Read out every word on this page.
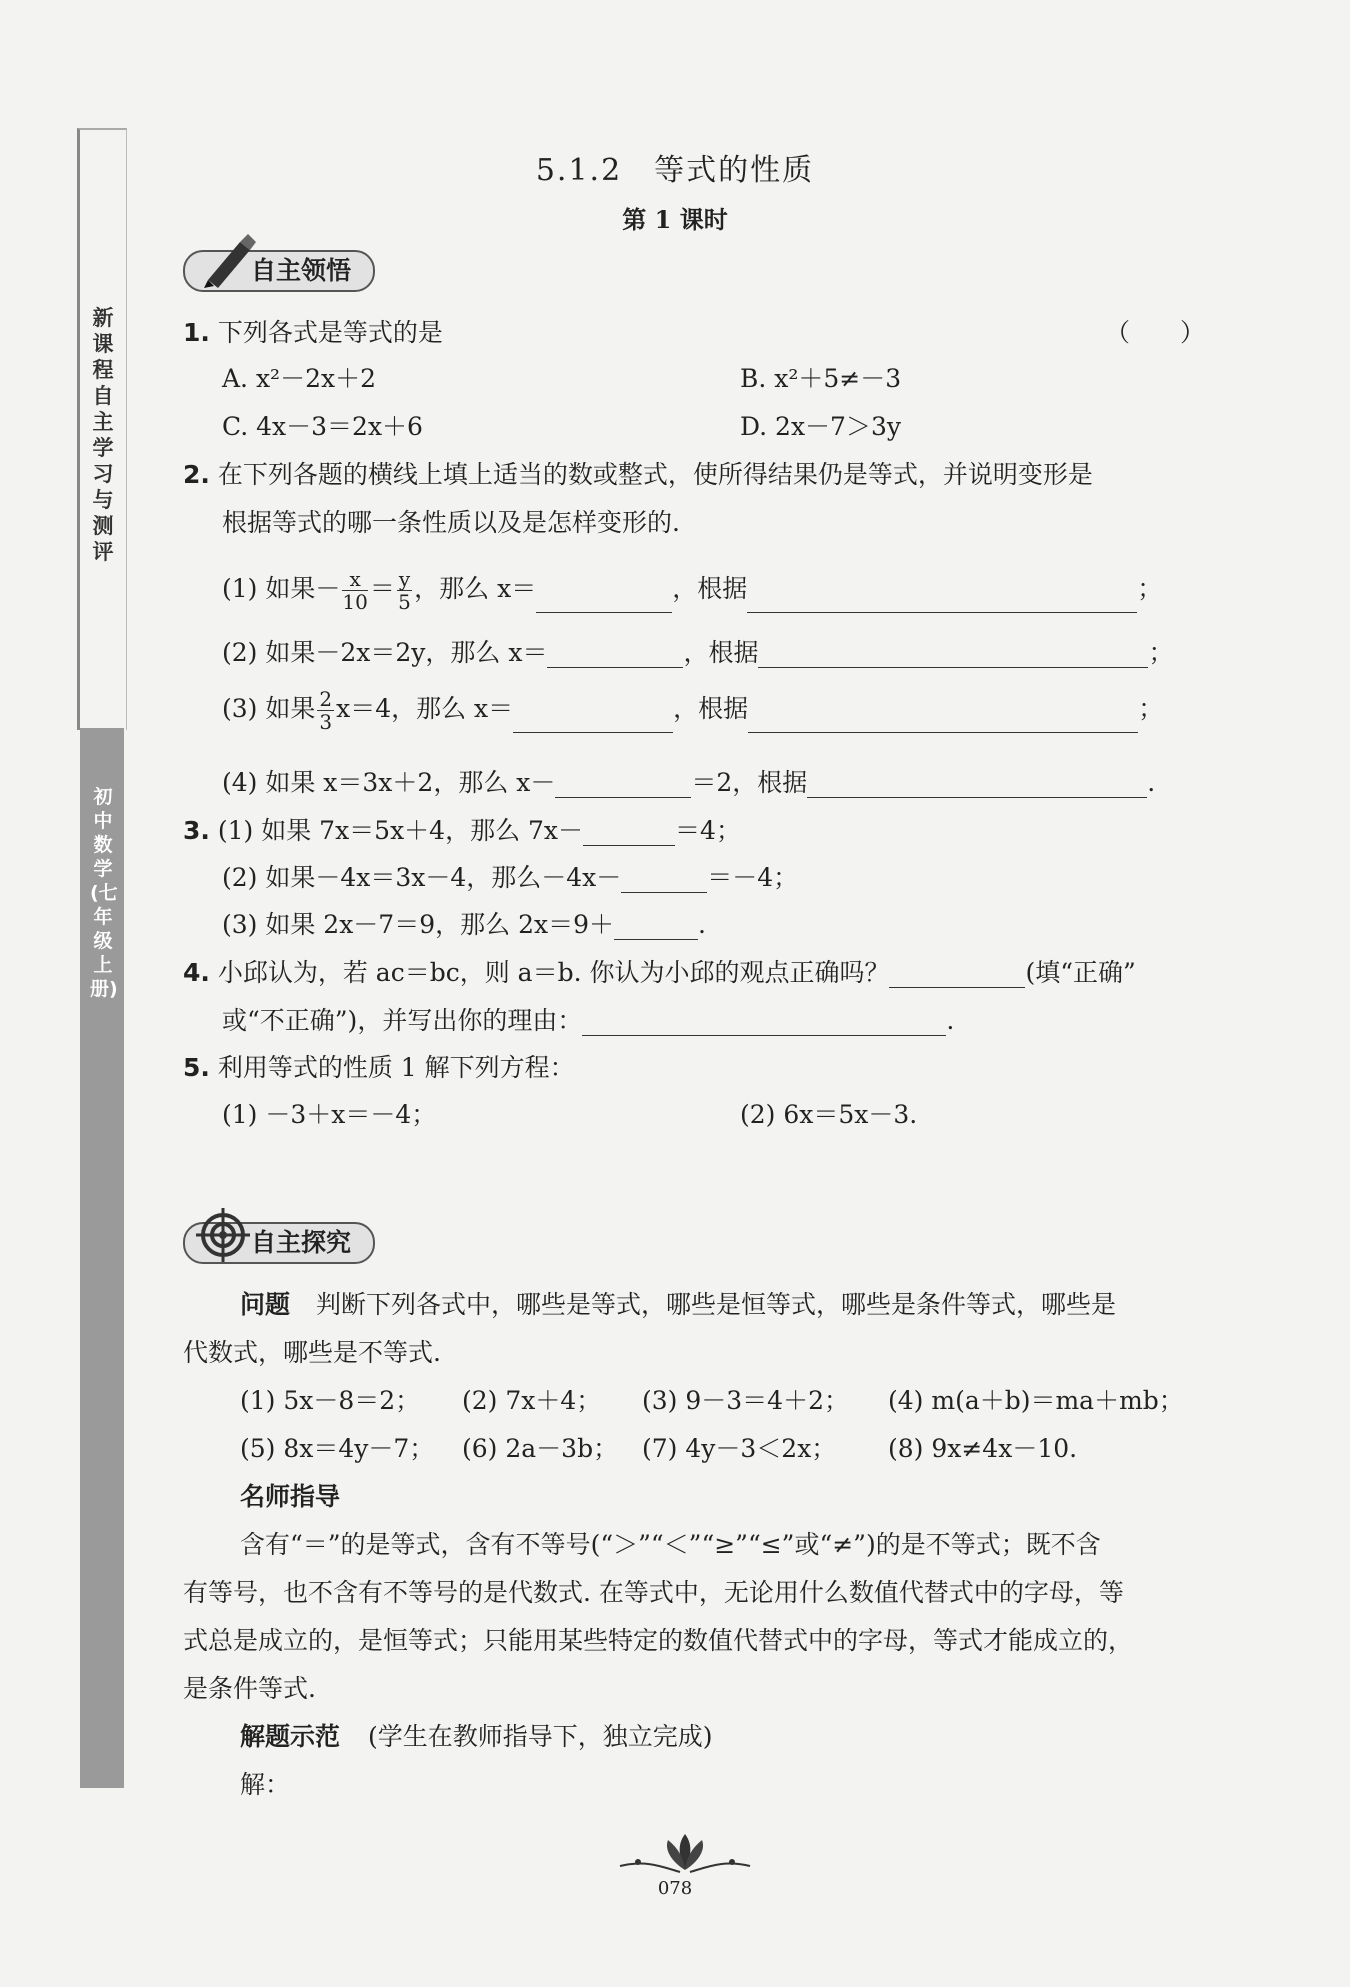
新课程自主学习与测评
初中数学(七年级上册)
5.1.2　等式的性质
第 1 课时
自主领悟
1. 下列各式是等式的是	（　　）
A. x²－2x＋2	B. x²＋5≠－3
C. 4x－3＝2x＋6	D. 2x－7＞3y
2. 在下列各题的横线上填上适当的数或整式，使所得结果仍是等式，并说明变形是
根据等式的哪一条性质以及是怎样变形的.
(1) 如果－ $\frac{x}{10} = \frac{y}{5}$ ，那么 x＝	，根据	；
(2) 如果－2x＝2y，那么 x＝	，根据	；
(3) 如果 $\frac{2}{3} x=4$，那么 x＝	，根据	；
(4) 如果 x＝3x＋2，那么 x－	＝2，根据	.
3. (1) 如果 7x＝5x＋4，那么 7x－	＝4；
(2) 如果－4x＝3x－4，那么－4x－	＝－4；
(3) 如果 2x－7＝9，那么 2x＝9＋	.
4. 小邱认为，若 ac＝bc，则 a＝b. 你认为小邱的观点正确吗？	(填“正确”
或“不正确”)，并写出你的理由：	.
5. 利用等式的性质 1 解下列方程：
(1) －3＋x＝－4；	(2) 6x＝5x－3.
自主探究
问题 判断下列各式中，哪些是等式，哪些是恒等式，哪些是条件等式，哪些是
代数式，哪些是不等式.
(1) 5x－8＝2； (2) 7x＋4； (3) 9－3＝4＋2； (4) m(a＋b)＝ma＋mb；
(5) 8x＝4y－7； (6) 2a－3b； (7) 4y－3＜2x； (8) 9x≠4x－10.
名师指导
含有“＝”的是等式，含有不等号(“＞”“＜”“≥”“≤”或“≠”)的是不等式；既不含
有等号，也不含有不等号的是代数式. 在等式中，无论用什么数值代替式中的字母，等
式总是成立的，是恒等式；只能用某些特定的数值代替式中的字母，等式才能成立的，
是条件等式.
解题示范 (学生在教师指导下，独立完成)
解：
078
